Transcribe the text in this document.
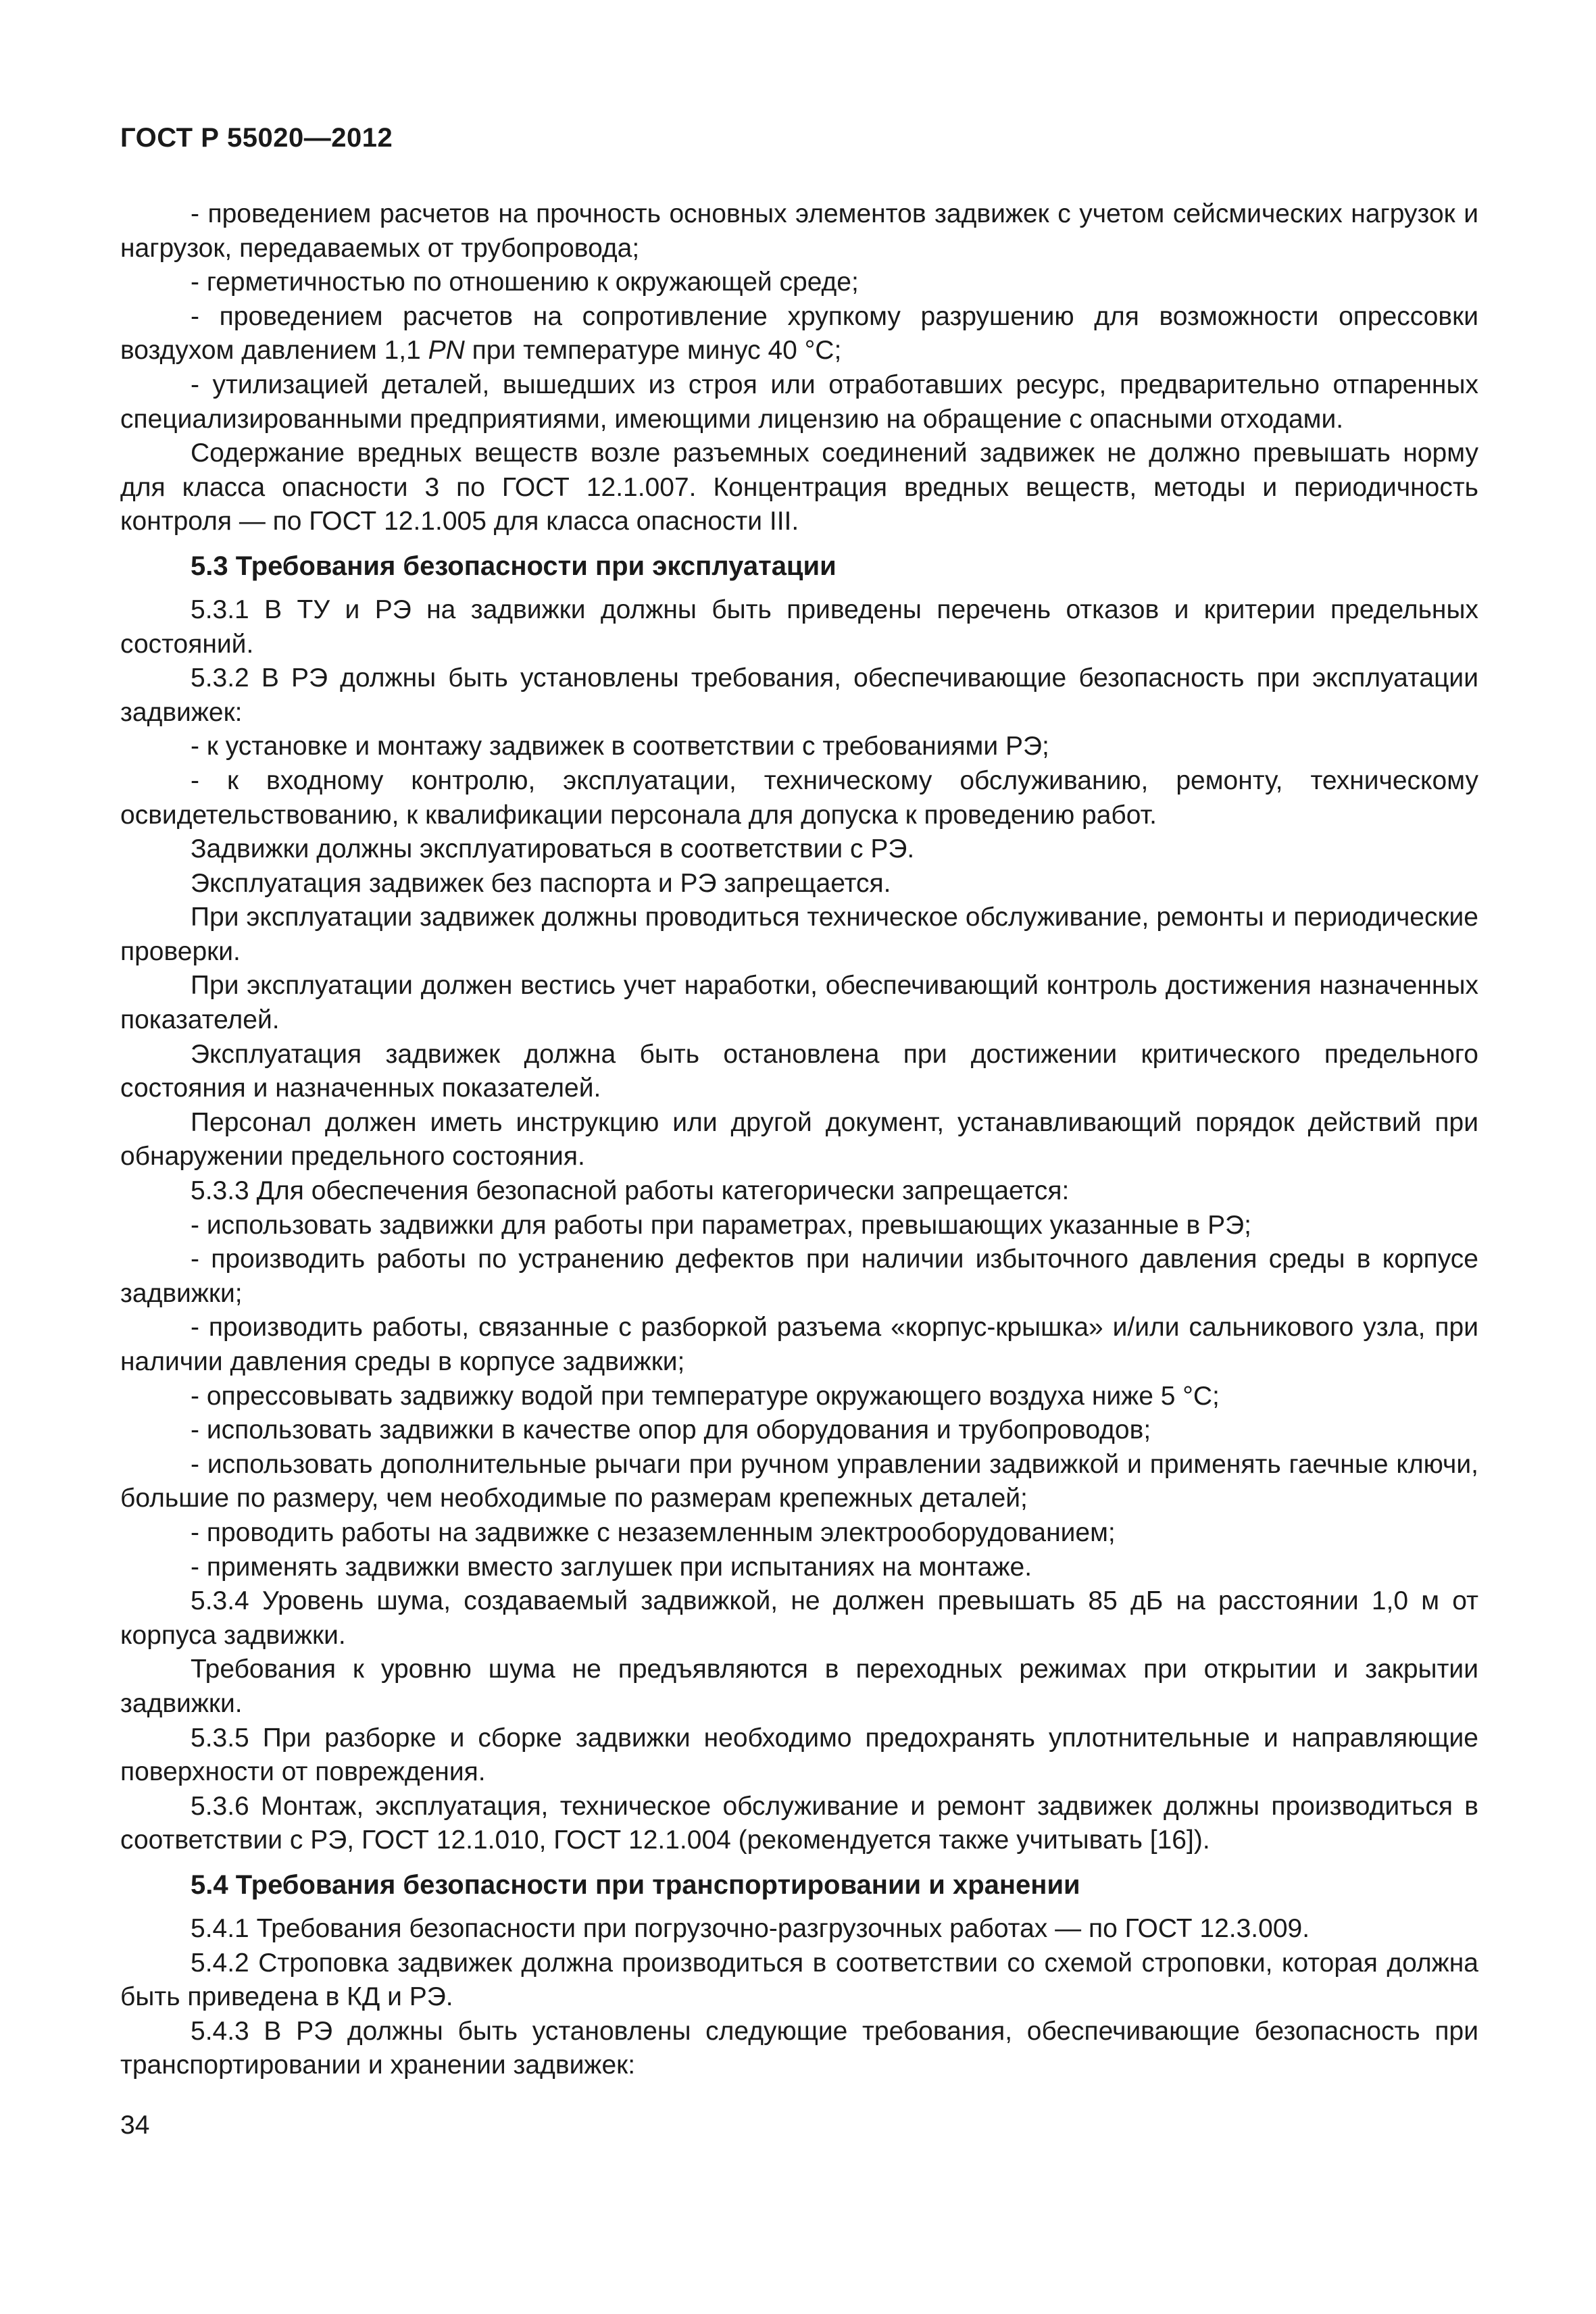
ГОСТ Р 55020—2012

- проведением расчетов на прочность основных элементов задвижек с учетом сейсмических нагрузок и нагрузок, передаваемых от трубопровода;

- герметичностью по отношению к окружающей среде;

- проведением расчетов на сопротивление хрупкому разрушению для возможности опрессовки воздухом давлением 1,1 PN при температуре минус 40 °С;

- утилизацией деталей, вышедших из строя или отработавших ресурс, предварительно отпаренных специализированными предприятиями, имеющими лицензию на обращение с опасными отходами.

Содержание вредных веществ возле разъемных соединений задвижек не должно превышать норму для класса опасности 3 по ГОСТ 12.1.007. Концентрация вредных веществ, методы и периодичность контроля — по ГОСТ 12.1.005 для класса опасности III.

5.3 Требования безопасности при эксплуатации

5.3.1 В ТУ и РЭ на задвижки должны быть приведены перечень отказов и критерии предельных состояний.

5.3.2 В РЭ должны быть установлены требования, обеспечивающие безопасность при эксплуатации задвижек:

- к установке и монтажу задвижек в соответствии с требованиями РЭ;

- к входному контролю, эксплуатации, техническому обслуживанию, ремонту, техническому освидетельствованию, к квалификации персонала для допуска к проведению работ.

Задвижки должны эксплуатироваться в соответствии с РЭ.

Эксплуатация задвижек без паспорта и РЭ запрещается.

При эксплуатации задвижек должны проводиться техническое обслуживание, ремонты и периодические проверки.

При эксплуатации должен вестись учет наработки, обеспечивающий контроль достижения назначенных показателей.

Эксплуатация задвижек должна быть остановлена при достижении критического предельного состояния и назначенных показателей.

Персонал должен иметь инструкцию или другой документ, устанавливающий порядок действий при обнаружении предельного состояния.

5.3.3 Для обеспечения безопасной работы категорически запрещается:

- использовать задвижки для работы при параметрах, превышающих указанные в РЭ;

- производить работы по устранению дефектов при наличии избыточного давления среды в корпусе задвижки;

- производить работы, связанные с разборкой разъема «корпус-крышка» и/или сальникового узла, при наличии давления среды в корпусе задвижки;

- опрессовывать задвижку водой при температуре окружающего воздуха ниже 5 °С;

- использовать задвижки в качестве опор для оборудования и трубопроводов;

- использовать дополнительные рычаги при ручном управлении задвижкой и применять гаечные ключи, большие по размеру, чем необходимые по размерам крепежных деталей;

- проводить работы на задвижке с незаземленным электрооборудованием;

- применять задвижки вместо заглушек при испытаниях на монтаже.

5.3.4 Уровень шума, создаваемый задвижкой, не должен превышать 85 дБ на расстоянии 1,0 м от корпуса задвижки.

Требования к уровню шума не предъявляются в переходных режимах при открытии и закрытии задвижки.

5.3.5 При разборке и сборке задвижки необходимо предохранять уплотнительные и направляющие поверхности от повреждения.

5.3.6 Монтаж, эксплуатация, техническое обслуживание и ремонт задвижек должны производиться в соответствии с РЭ, ГОСТ 12.1.010, ГОСТ 12.1.004 (рекомендуется также учитывать [16]).

5.4 Требования безопасности при транспортировании и хранении

5.4.1 Требования безопасности при погрузочно-разгрузочных работах — по ГОСТ 12.3.009.

5.4.2 Строповка задвижек должна производиться в соответствии со схемой строповки, которая должна быть приведена в КД и РЭ.

5.4.3 В РЭ должны быть установлены следующие требования, обеспечивающие безопасность при транспортировании и хранении задвижек:

34
